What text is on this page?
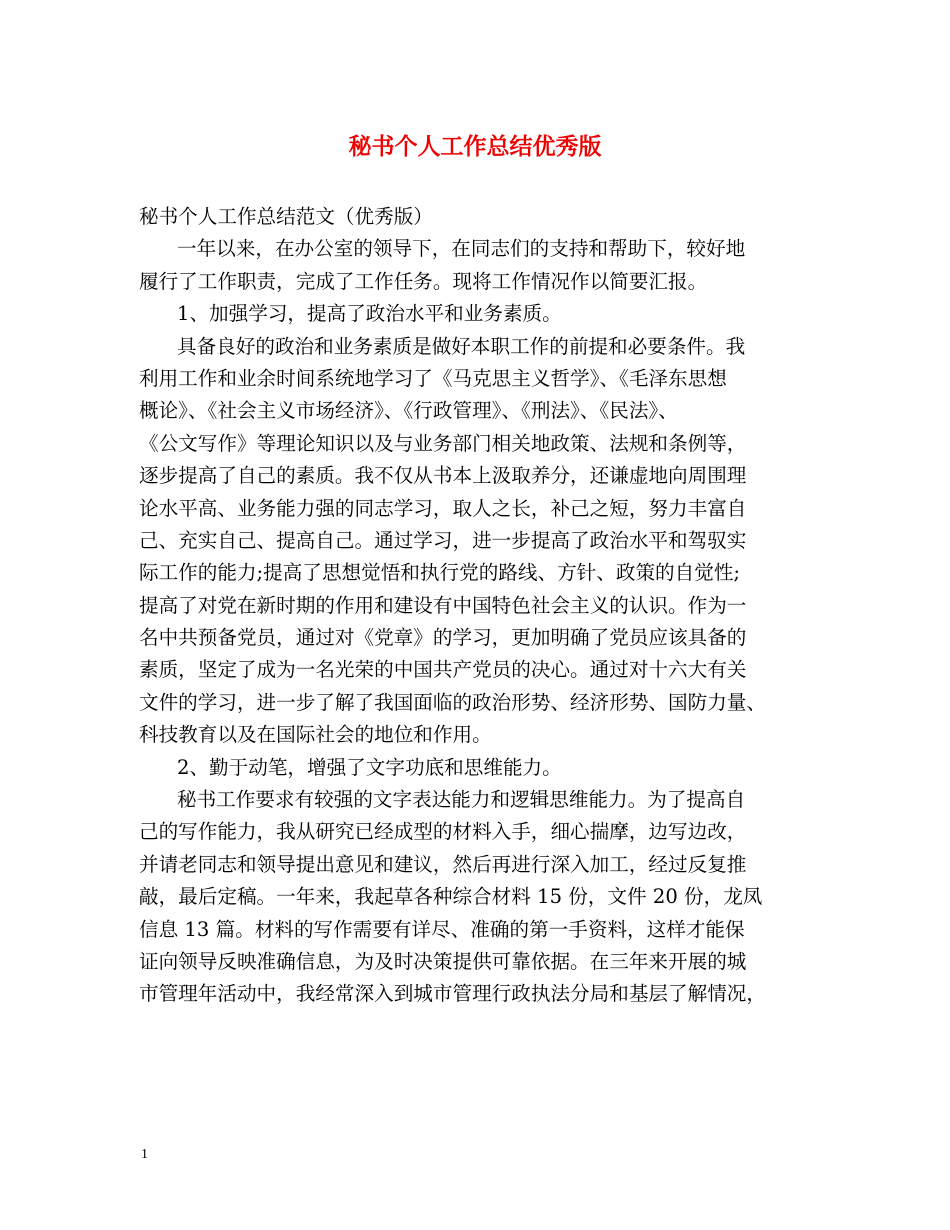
秘书个人工作总结优秀版
秘书个人工作总结范文（优秀版）
一年以来，在办公室的领导下，在同志们的支持和帮助下，较好地
履行了工作职责，完成了工作任务。现将工作情况作以简要汇报。
1、加强学习，提高了政治水平和业务素质。
具备良好的政治和业务素质是做好本职工作的前提和必要条件。我
利用工作和业余时间系统地学习了《马克思主义哲学》、《毛泽东思想
概论》、《社会主义市场经济》、《行政管理》、《刑法》、《民法》、
《公文写作》等理论知识以及与业务部门相关地政策、法规和条例等，
逐步提高了自己的素质。我不仅从书本上汲取养分，还谦虚地向周围理
论水平高、业务能力强的同志学习，取人之长，补己之短，努力丰富自
己、充实自己、提高自己。通过学习，进一步提高了政治水平和驾驭实
际工作的能力;提高了思想觉悟和执行党的路线、方针、政策的自觉性;
提高了对党在新时期的作用和建设有中国特色社会主义的认识。作为一
名中共预备党员，通过对《党章》的学习，更加明确了党员应该具备的
素质，坚定了成为一名光荣的中国共产党员的决心。通过对十六大有关
文件的学习，进一步了解了我国面临的政治形势、经济形势、国防力量、
科技教育以及在国际社会的地位和作用。
2、勤于动笔，增强了文字功底和思维能力。
秘书工作要求有较强的文字表达能力和逻辑思维能力。为了提高自
己的写作能力，我从研究已经成型的材料入手，细心揣摩，边写边改，
并请老同志和领导提出意见和建议，然后再进行深入加工，经过反复推
敲，最后定稿。一年来，我起草各种综合材料 15 份，文件 20 份，龙凤
信息 13 篇。材料的写作需要有详尽、准确的第一手资料，这样才能保
证向领导反映准确信息，为及时决策提供可靠依据。在三年来开展的城
市管理年活动中，我经常深入到城市管理行政执法分局和基层了解情况，
1
